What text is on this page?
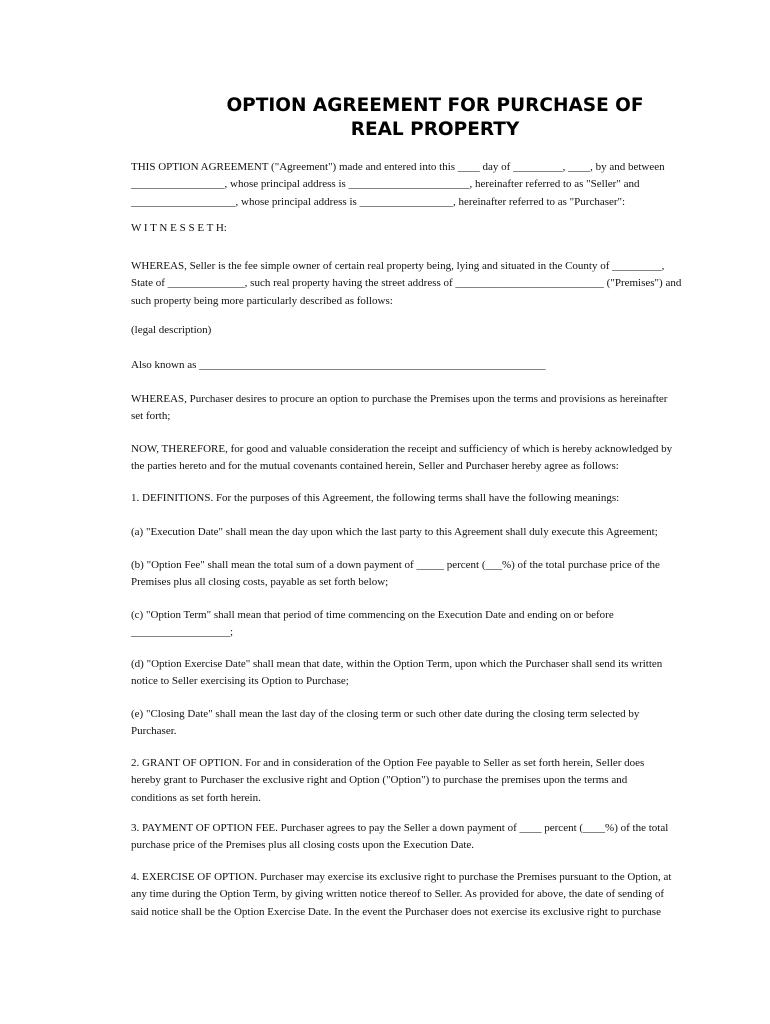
OPTION AGREEMENT FOR PURCHASE OF
REAL PROPERTY
THIS OPTION AGREEMENT ("Agreement") made and entered into this ____ day of _________, ____, by and between
_________________, whose principal address is ______________________, hereinafter referred to as "Seller" and
___________________, whose principal address is _________________, hereinafter referred to as "Purchaser":
W I T N E S S E T H:
WHEREAS, Seller is the fee simple owner of certain real property being, lying and situated in the County of _________,
State of ______________, such real property having the street address of ___________________________ ("Premises") and
such property being more particularly described as follows:
(legal description)
Also known as _______________________________________________________________
WHEREAS, Purchaser desires to procure an option to purchase the Premises upon the terms and provisions as hereinafter
set forth;
NOW, THEREFORE, for good and valuable consideration the receipt and sufficiency of which is hereby acknowledged by
the parties hereto and for the mutual covenants contained herein, Seller and Purchaser hereby agree as follows:
1. DEFINITIONS. For the purposes of this Agreement, the following terms shall have the following meanings:
(a) "Execution Date" shall mean the day upon which the last party to this Agreement shall duly execute this Agreement;
(b) "Option Fee" shall mean the total sum of a down payment of _____ percent (___%) of the total purchase price of the
Premises plus all closing costs, payable as set forth below;
(c) "Option Term" shall mean that period of time commencing on the Execution Date and ending on or before
__________________;
(d) "Option Exercise Date" shall mean that date, within the Option Term, upon which the Purchaser shall send its written
notice to Seller exercising its Option to Purchase;
(e) "Closing Date" shall mean the last day of the closing term or such other date during the closing term selected by
Purchaser.
2. GRANT OF OPTION. For and in consideration of the Option Fee payable to Seller as set forth herein, Seller does
hereby grant to Purchaser the exclusive right and Option ("Option") to purchase the premises upon the terms and
conditions as set forth herein.
3. PAYMENT OF OPTION FEE. Purchaser agrees to pay the Seller a down payment of ____ percent (____%) of the total
purchase price of the Premises plus all closing costs upon the Execution Date.
4. EXERCISE OF OPTION. Purchaser may exercise its exclusive right to purchase the Premises pursuant to the Option, at
any time during the Option Term, by giving written notice thereof to Seller. As provided for above, the date of sending of
said notice shall be the Option Exercise Date. In the event the Purchaser does not exercise its exclusive right to purchase
